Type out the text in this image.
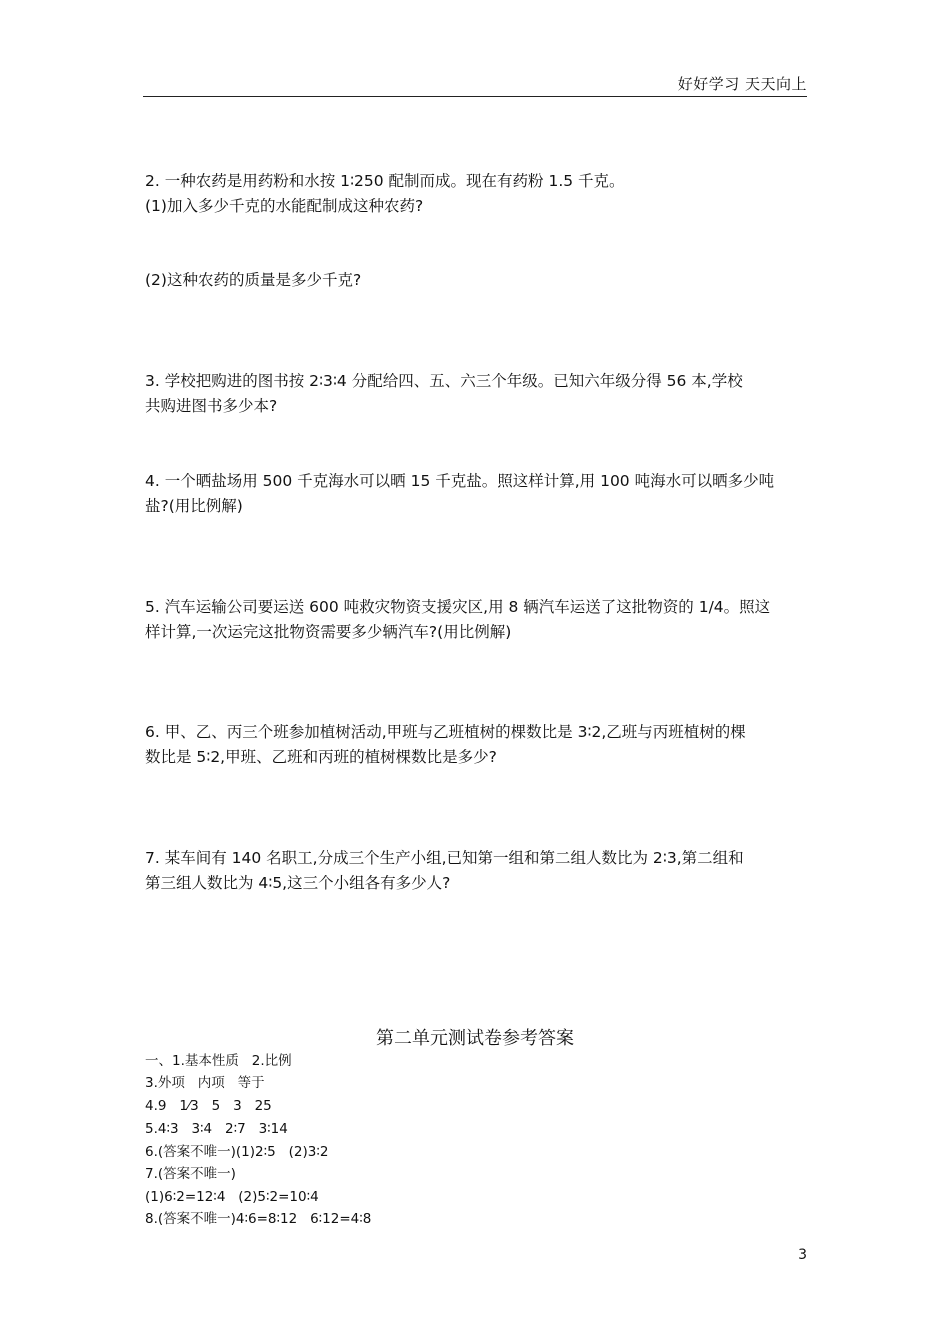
好好学习 天天向上
2. 一种农药是用药粉和水按 1∶250 配制而成。现在有药粉 1.5 千克。
(1)加入多少千克的水能配制成这种农药?
(2)这种农药的质量是多少千克?
3. 学校把购进的图书按 2∶3∶4 分配给四、五、六三个年级。已知六年级分得 56 本,学校
共购进图书多少本?
4. 一个晒盐场用 500 千克海水可以晒 15 千克盐。照这样计算,用 100 吨海水可以晒多少吨
盐?(用比例解)
5. 汽车运输公司要运送 600 吨救灾物资支援灾区,用 8 辆汽车运送了这批物资的 1/4。照这
样计算,一次运完这批物资需要多少辆汽车?(用比例解)
6. 甲、乙、丙三个班参加植树活动,甲班与乙班植树的棵数比是 3∶2,乙班与丙班植树的棵
数比是 5∶2,甲班、乙班和丙班的植树棵数比是多少?
7. 某车间有 140 名职工,分成三个生产小组,已知第一组和第二组人数比为 2∶3,第二组和
第三组人数比为 4∶5,这三个小组各有多少人?
第二单元测试卷参考答案
一、1.基本性质   2.比例
3.外项   内项   等于
4.9   1⁄3   5   3   25
5.4∶3   3∶4   2∶7   3∶14
6.(答案不唯一)(1)2∶5   (2)3∶2
7.(答案不唯一)
(1)6∶2=12∶4   (2)5∶2=10∶4
8.(答案不唯一)4∶6=8∶12   6∶12=4∶8
3
